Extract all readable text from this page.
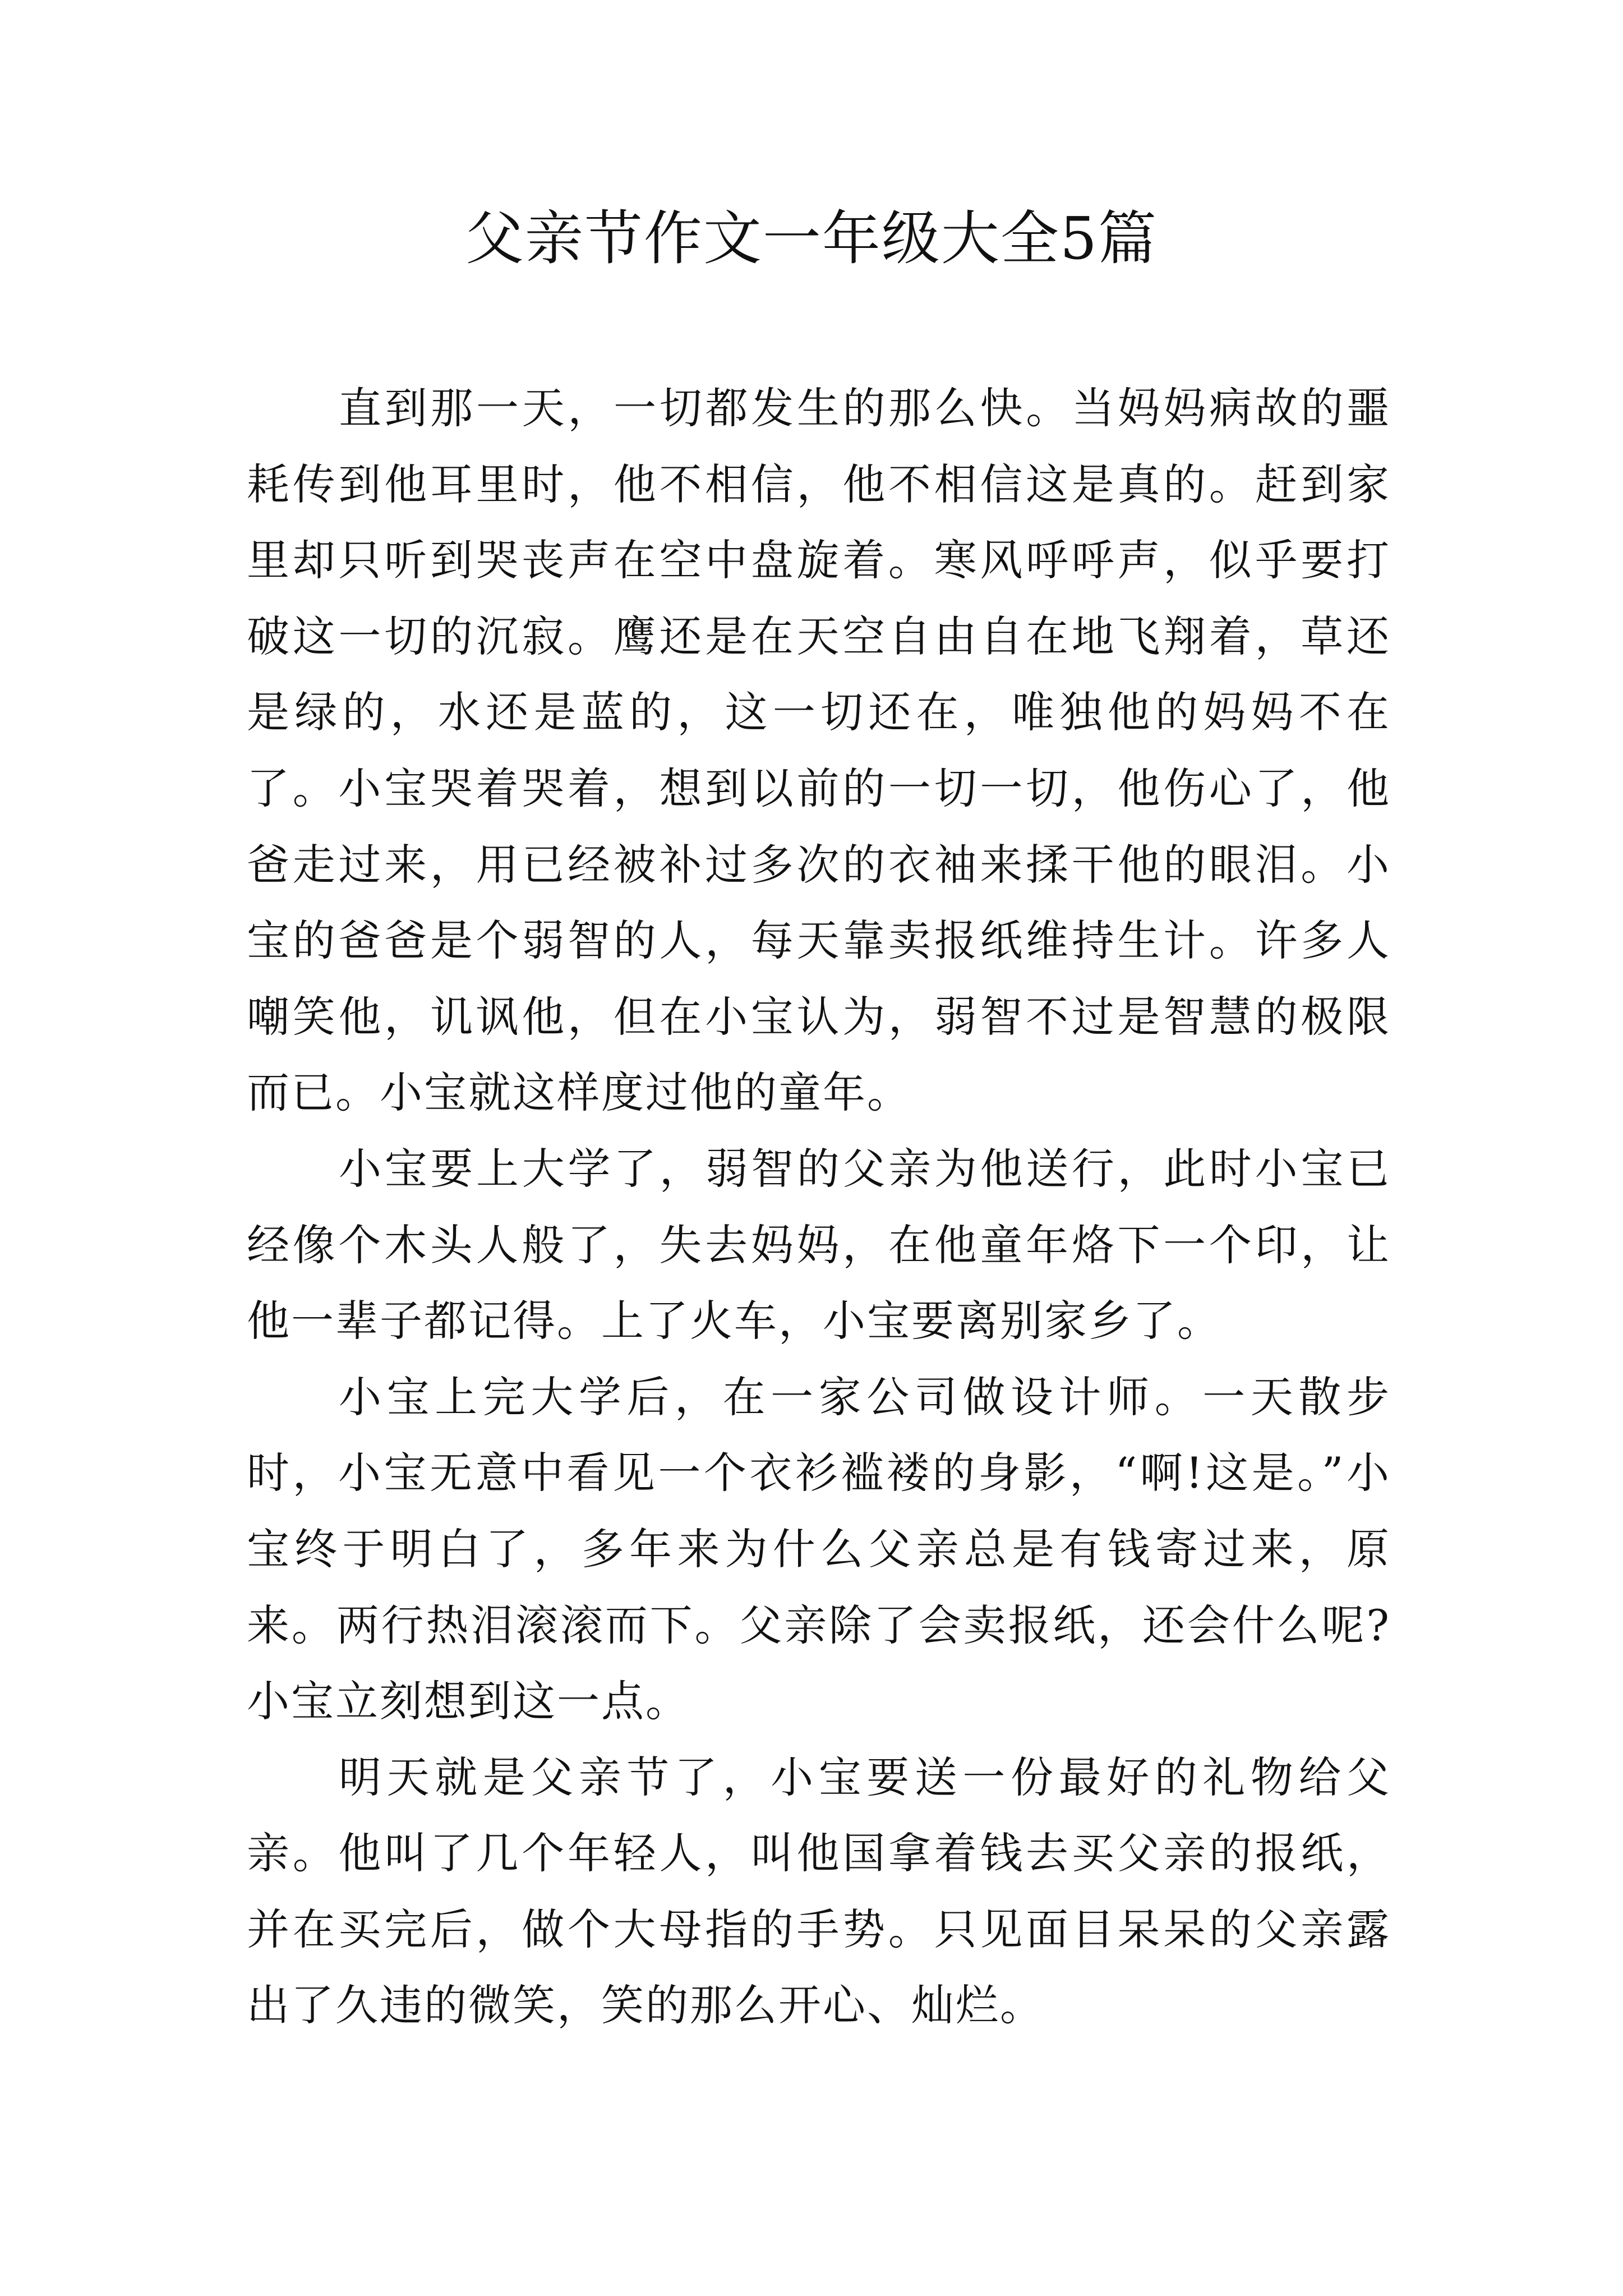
父亲节作文一年级大全5篇

直到那一天，一切都发生的那么快。当妈妈病故的噩耗传到他耳里时，他不相信，他不相信这是真的。赶到家里却只听到哭丧声在空中盘旋着。寒风呼呼声，似乎要打破这一切的沉寂。鹰还是在天空自由自在地飞翔着，草还是绿的，水还是蓝的，这一切还在，唯独他的妈妈不在了。小宝哭着哭着，想到以前的一切一切，他伤心了，他爸走过来，用已经被补过多次的衣袖来揉干他的眼泪。小宝的爸爸是个弱智的人，每天靠卖报纸维持生计。许多人嘲笑他，讥讽他，但在小宝认为，弱智不过是智慧的极限而已。小宝就这样度过他的童年。

小宝要上大学了，弱智的父亲为他送行，此时小宝已经像个木头人般了，失去妈妈，在他童年烙下一个印，让他一辈子都记得。上了火车，小宝要离别家乡了。

小宝上完大学后，在一家公司做设计师。一天散步时，小宝无意中看见一个衣衫褴褛的身影，“啊!这是。”小宝终于明白了，多年来为什么父亲总是有钱寄过来，原来。两行热泪滚滚而下。父亲除了会卖报纸，还会什么呢?小宝立刻想到这一点。

明天就是父亲节了，小宝要送一份最好的礼物给父亲。他叫了几个年轻人，叫他国拿着钱去买父亲的报纸，并在买完后，做个大母指的手势。只见面目呆呆的父亲露出了久违的微笑，笑的那么开心、灿烂。
